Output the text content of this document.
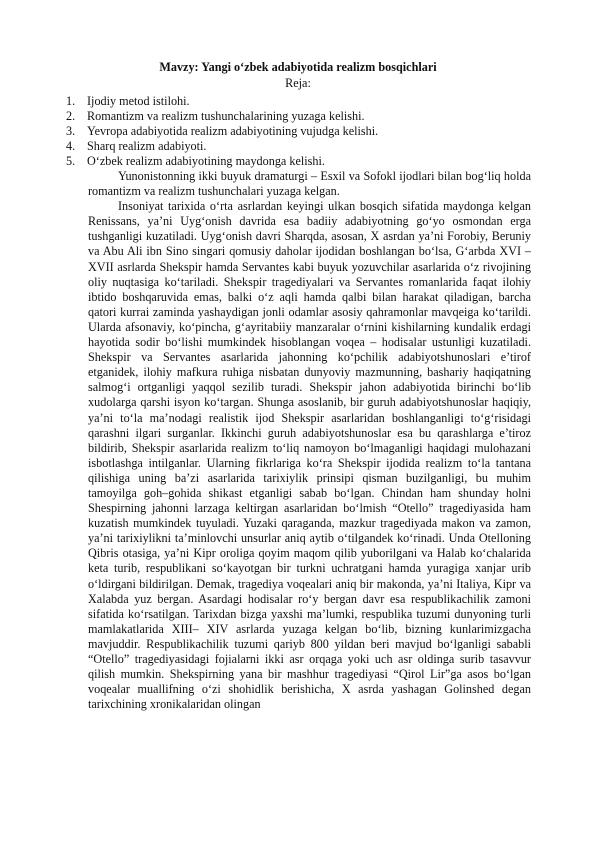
Mavzy: Yangi o‘zbek adabiyotida realizm bosqichlari
Reja:
1. Ijodiy metod istilohi.
2. Romantizm va realizm tushunchalarining yuzaga kelishi.
3. Yevropa adabiyotida realizm adabiyotining vujudga kelishi.
4. Sharq realizm adabiyoti.
5. O‘zbek realizm adabiyotining maydonga kelishi.

Yunonistonning ikki buyuk dramaturgi – Esxil va Sofokl ijodlari bilan bog‘liq holda romantizm va realizm tushunchalari yuzaga kelgan.

Insoniyat tarixida o‘rta asrlardan keyingi ulkan bosqich sifatida maydonga kelgan Renissans, ya’ni Uyg‘onish davrida esa badiiy adabiyotning go‘yo osmondan erga tushganligi kuzatiladi. Uyg‘onish davri Sharqda, asosan, X asrdan ya’ni Forobiy, Beruniy va Abu Ali ibn Sino singari qomusiy daholar ijodidan boshlangan bo‘lsa, G‘arbda XVI – XVII asrlarda Shekspir hamda Servantes kabi buyuk yozuvchilar asarlarida o‘z rivojining oliy nuqtasiga ko‘tariladi. Shekspir tragediyalari va Servantes romanlarida faqat ilohiy ibtido boshqaruvida emas, balki o‘z aqli hamda qalbi bilan harakat qiladigan, barcha qatori kurrai zaminda yashaydigan jonli odamlar asosiy qahramonlar mavqeiga ko‘tarildi. Ularda afsonaviy, ko‘pincha, g‘ayritabiiy manzaralar o‘rnini kishilarning kundalik erdagi hayotida sodir bo‘lishi mumkindek hisoblangan voqea – hodisalar ustunligi kuzatiladi. Shekspir va Servantes asarlarida jahonning ko‘pchilik adabiyotshunoslari e’tirof etganidek, ilohiy mafkura ruhiga nisbatan dunyoviy mazmunning, bashariy haqiqatning salmog‘i ortganligi yaqqol sezilib turadi. Shekspir jahon adabiyotida birinchi bo‘lib xudolarga qarshi isyon ko‘targan. Shunga asoslanib, bir guruh adabiyotshunoslar haqiqiy, ya’ni to‘la ma’nodagi realistik ijod Shekspir asarlaridan boshlanganligi to‘g‘risidagi qarashni ilgari surganlar. Ikkinchi guruh adabiyotshunoslar esa bu qarashlarga e’tiroz bildirib, Shekspir asarlarida realizm to‘liq namoyon bo‘lmaganligi haqidagi mulohazani isbotlashga intilganlar. Ularning fikrlariga ko‘ra Shekspir ijodida realizm to‘la tantana qilishiga uning ba’zi asarlarida tarixiylik prinsipi qisman buzilganligi, bu muhim tamoyilga goh–gohida shikast etganligi sabab bo‘lgan. Chindan ham shunday holni Shespirning jahonni larzaga keltirgan asarlaridan bo‘lmish “Otello” tragediyasida ham kuzatish mumkindek tuyuladi. Yuzaki qaraganda, mazkur tragediyada makon va zamon, ya’ni tarixiylikni ta’minlovchi unsurlar aniq aytib o‘tilgandek ko‘rinadi. Unda Otelloning Qibris otasiga, ya’ni Kipr oroliga qoyim maqom qilib yuborilgani va Halab ko‘chalarida keta turib, respublikani so‘kayotgan bir turkni uchratgani hamda yuragiga xanjar urib o‘ldirgani bildirilgan. Demak, tragediya voqealari aniq bir makonda, ya’ni Italiya, Kipr va Xalabda yuz bergan. Asardagi hodisalar ro‘y bergan davr esa respublikachilik zamoni sifatida ko‘rsatilgan. Tarixdan bizga yaxshi ma’lumki, respublika tuzumi dunyoning turli mamlakatlarida XIII– XIV asrlarda yuzaga kelgan bo‘lib, bizning kunlarimizgacha mavjuddir. Respublikachilik tuzumi qariyb 800 yildan beri mavjud bo‘lganligi sababli “Otello” tragediyasidagi fojialarni ikki asr orqaga yoki uch asr oldinga surib tasavvur qilish mumkin. Shekspirning yana bir mashhur tragediyasi “Qirol Lir”ga asos bo‘lgan voqealar muallifning o‘zi shohidlik berishicha, X asrda yashagan Golinshed degan tarixchining xronikalaridan olingan
